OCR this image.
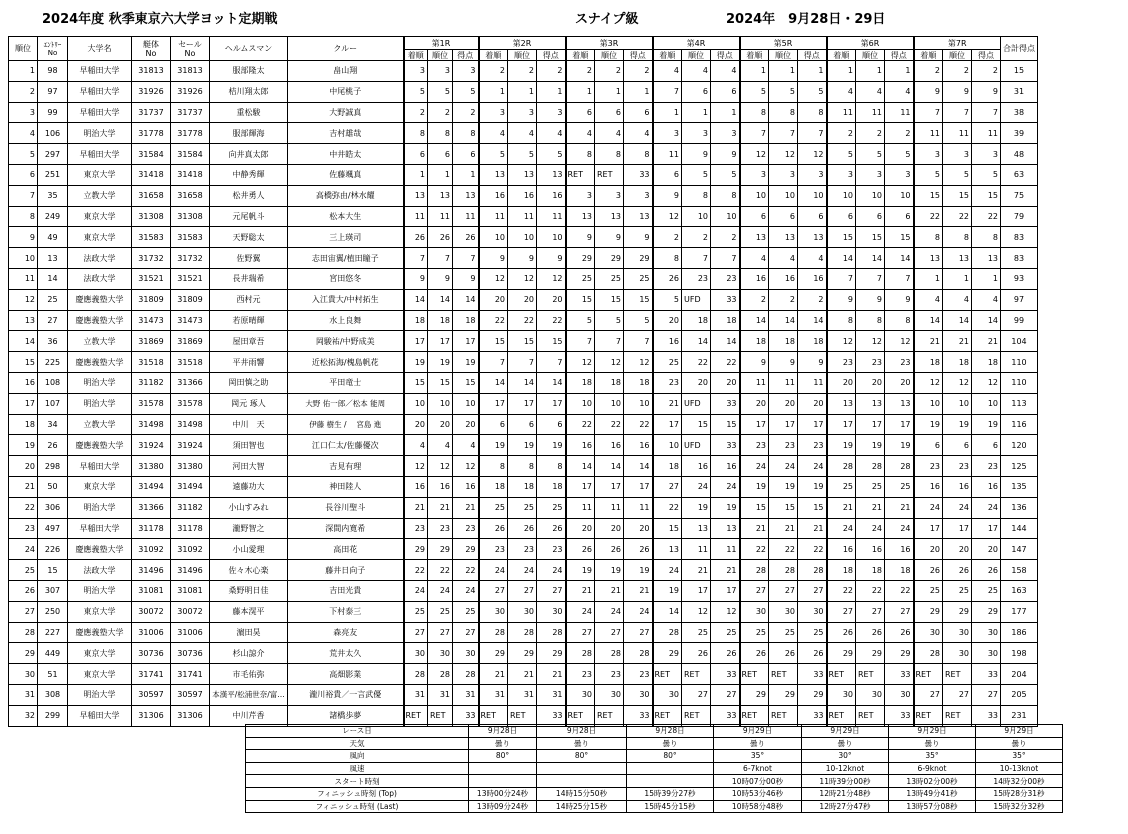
2024年度 秋季東京六大学ヨット定期戦	スナイプ級	2024年　9月28日・29日
順位	ｴﾝﾄﾘｰ
No	大学名	艇体
No	セール
No	ヘルムスマン	クルー	第1R			第2R			第3R			第4R			第5R			第6R			第7R			合計得点
							着順	順位	得点	着順	順位	得点	着順	順位	得点	着順	順位	得点	着順	順位	得点	着順	順位	得点	着順	順位	得点	
1	98	早稲田大学	31813	31813	服部隆太	畠山翔	3	3	3	2	2	2	2	2	2	4	4	4	1	1	1	1	1	1	2	2	2	15
2	97	早稲田大学	31926	31926	桔川翔太郎	中尾桃子	5	5	5	1	1	1	1	1	1	7	6	6	5	5	5	4	4	4	9	9	9	31
3	99	早稲田大学	31737	31737	重松駿	大野誠真	2	2	2	3	3	3	6	6	6	1	1	1	8	8	8	11	11	11	7	7	7	38
4	106	明治大学	31778	31778	服部輝海	吉村雄哉	8	8	8	4	4	4	4	4	4	3	3	3	7	7	7	2	2	2	11	11	11	39
5	297	早稲田大学	31584	31584	向井真太郎	中井皓太	6	6	6	5	5	5	8	8	8	11	9	9	12	12	12	5	5	5	3	3	3	48
6	251	東京大学	31418	31418	中静秀輝	佐藤颯真	1	1	1	13	13	13	RET	RET	33	6	5	5	3	3	3	3	3	3	5	5	5	63
7	35	立教大学	31658	31658	松井勇人	高橋弥由/林水耀	13	13	13	16	16	16	3	3	3	9	8	8	10	10	10	10	10	10	15	15	15	75
8	249	東京大学	31308	31308	元尾帆斗	松本大生	11	11	11	11	11	11	13	13	13	12	10	10	6	6	6	6	6	6	22	22	22	79
9	49	東京大学	31583	31583	天野聡太	三上瑛司	26	26	26	10	10	10	9	9	9	2	2	2	13	13	13	15	15	15	8	8	8	83
10	13	法政大学	31732	31732	佐野翼	志田宙翼/植田瞳子	7	7	7	9	9	9	29	29	29	8	7	7	4	4	4	14	14	14	13	13	13	83
11	14	法政大学	31521	31521	長井瑞希	宮田悠冬	9	9	9	12	12	12	25	25	25	26	23	23	16	16	16	7	7	7	1	1	1	93
12	25	慶應義塾大学	31809	31809	西村元	入江貴大/中村拓生	14	14	14	20	20	20	15	15	15	5	UFD	33	2	2	2	9	9	9	4	4	4	97
13	27	慶應義塾大学	31473	31473	若原晴輝	水上良舞	18	18	18	22	22	22	5	5	5	20	18	18	14	14	14	8	8	8	14	14	14	99
14	36	立教大学	31869	31869	屋田章吾	岡駿祐/中野成美	17	17	17	15	15	15	7	7	7	16	14	14	18	18	18	12	12	12	21	21	21	104
15	225	慶應義塾大学	31518	31518	平井雨響	近松拓海/槐島帆花	19	19	19	7	7	7	12	12	12	25	22	22	9	9	9	23	23	23	18	18	18	110
16	108	明治大学	31182	31366	岡田慎之助	平田竜士	15	15	15	14	14	14	18	18	18	23	20	20	11	11	11	20	20	20	12	12	12	110
17	107	明治大学	31578	31578	岡元 琢人	大野 佑一郎／松本 能周	10	10	10	17	17	17	10	10	10	21	UFD	33	20	20	20	13	13	13	10	10	10	113
18	34	立教大学	31498	31498	中川　天	伊藤 樹生 /　 宮島 進	20	20	20	6	6	6	22	22	22	17	15	15	17	17	17	17	17	17	19	19	19	116
19	26	慶應義塾大学	31924	31924	須田智也	江口仁太/佐藤優次	4	4	4	19	19	19	16	16	16	10	UFD	33	23	23	23	19	19	19	6	6	6	120
20	298	早稲田大学	31380	31380	河田大智	吉見有理	12	12	12	8	8	8	14	14	14	18	16	16	24	24	24	28	28	28	23	23	23	125
21	50	東京大学	31494	31494	遠藤功大	神田陸人	16	16	16	18	18	18	17	17	17	27	24	24	19	19	19	25	25	25	16	16	16	135
22	306	明治大学	31366	31182	小山すみれ	長谷川聖斗	21	21	21	25	25	25	11	11	11	22	19	19	15	15	15	21	21	21	24	24	24	136
23	497	早稲田大学	31178	31178	瀧野智之	深間内寛希	23	23	23	26	26	26	20	20	20	15	13	13	21	21	21	24	24	24	17	17	17	144
24	226	慶應義塾大学	31092	31092	小山愛理	高田花	29	29	29	23	23	23	26	26	26	13	11	11	22	22	22	16	16	16	20	20	20	147
25	15	法政大学	31496	31496	佐々木心楽	藤井日向子	22	22	22	24	24	24	19	19	19	24	21	21	28	28	28	18	18	18	26	26	26	158
26	307	明治大学	31081	31081	桑野明日佳	吉田光貴	24	24	24	27	27	27	21	21	21	19	17	17	27	27	27	22	22	22	25	25	25	163
27	250	東京大学	30072	30072	藤本滉平	下村泰三	25	25	25	30	30	30	24	24	24	14	12	12	30	30	30	27	27	27	29	29	29	177
28	227	慶應義塾大学	31006	31006	濵田昊	森亮友	27	27	27	28	28	28	27	27	27	28	25	25	25	25	25	26	26	26	30	30	30	186
29	449	東京大学	30736	30736	杉山諒介	荒井太久	30	30	30	29	29	29	28	28	28	29	26	26	26	26	26	29	29	29	28	30	30	198
30	51	東京大学	31741	31741	市毛佑弥	高畑影業	28	28	28	21	21	21	23	23	23	RET	RET	33	RET	RET	33	RET	RET	33	RET	RET	33	204
31	308	明治大学	30597	30597	本漢平/松浦世奈/富…	瀧川裕貴／一言武優	31	31	31	31	31	31	30	30	30	30	27	27	29	29	29	30	30	30	27	27	27	205
32	299	早稲田大学	31306	31306	中川芹香	諸橋歩夢	RET	RET	33	RET	RET	33	RET	RET	33	RET	RET	33	RET	RET	33	RET	RET	33	RET	RET	33	231
レース日	9月28日	9月28日	9月28日	9月29日	9月29日	9月29日	9月29日
天気	曇り	曇り	曇り	曇り	曇り	曇り	曇り
風向	80°	80°	80°	35°	30°	35°	35°
風速				6-7knot	10-12knot	6-9knot	10-13knot
スタート時刻				10時07分00秒	11時39分00秒	13時02分00秒	14時32分00秒
フィニッシュ時刻 (Top)	13時00分24秒	14時15分50秒	15時39分27秒	10時53分46秒	12時21分48秒	13時49分41秒	15時28分31秒
フィニッシュ時刻 (Last)	13時09分24秒	14時25分15秒	15時45分15秒	10時58分48秒	12時27分47秒	13時57分08秒	15時32分32秒
